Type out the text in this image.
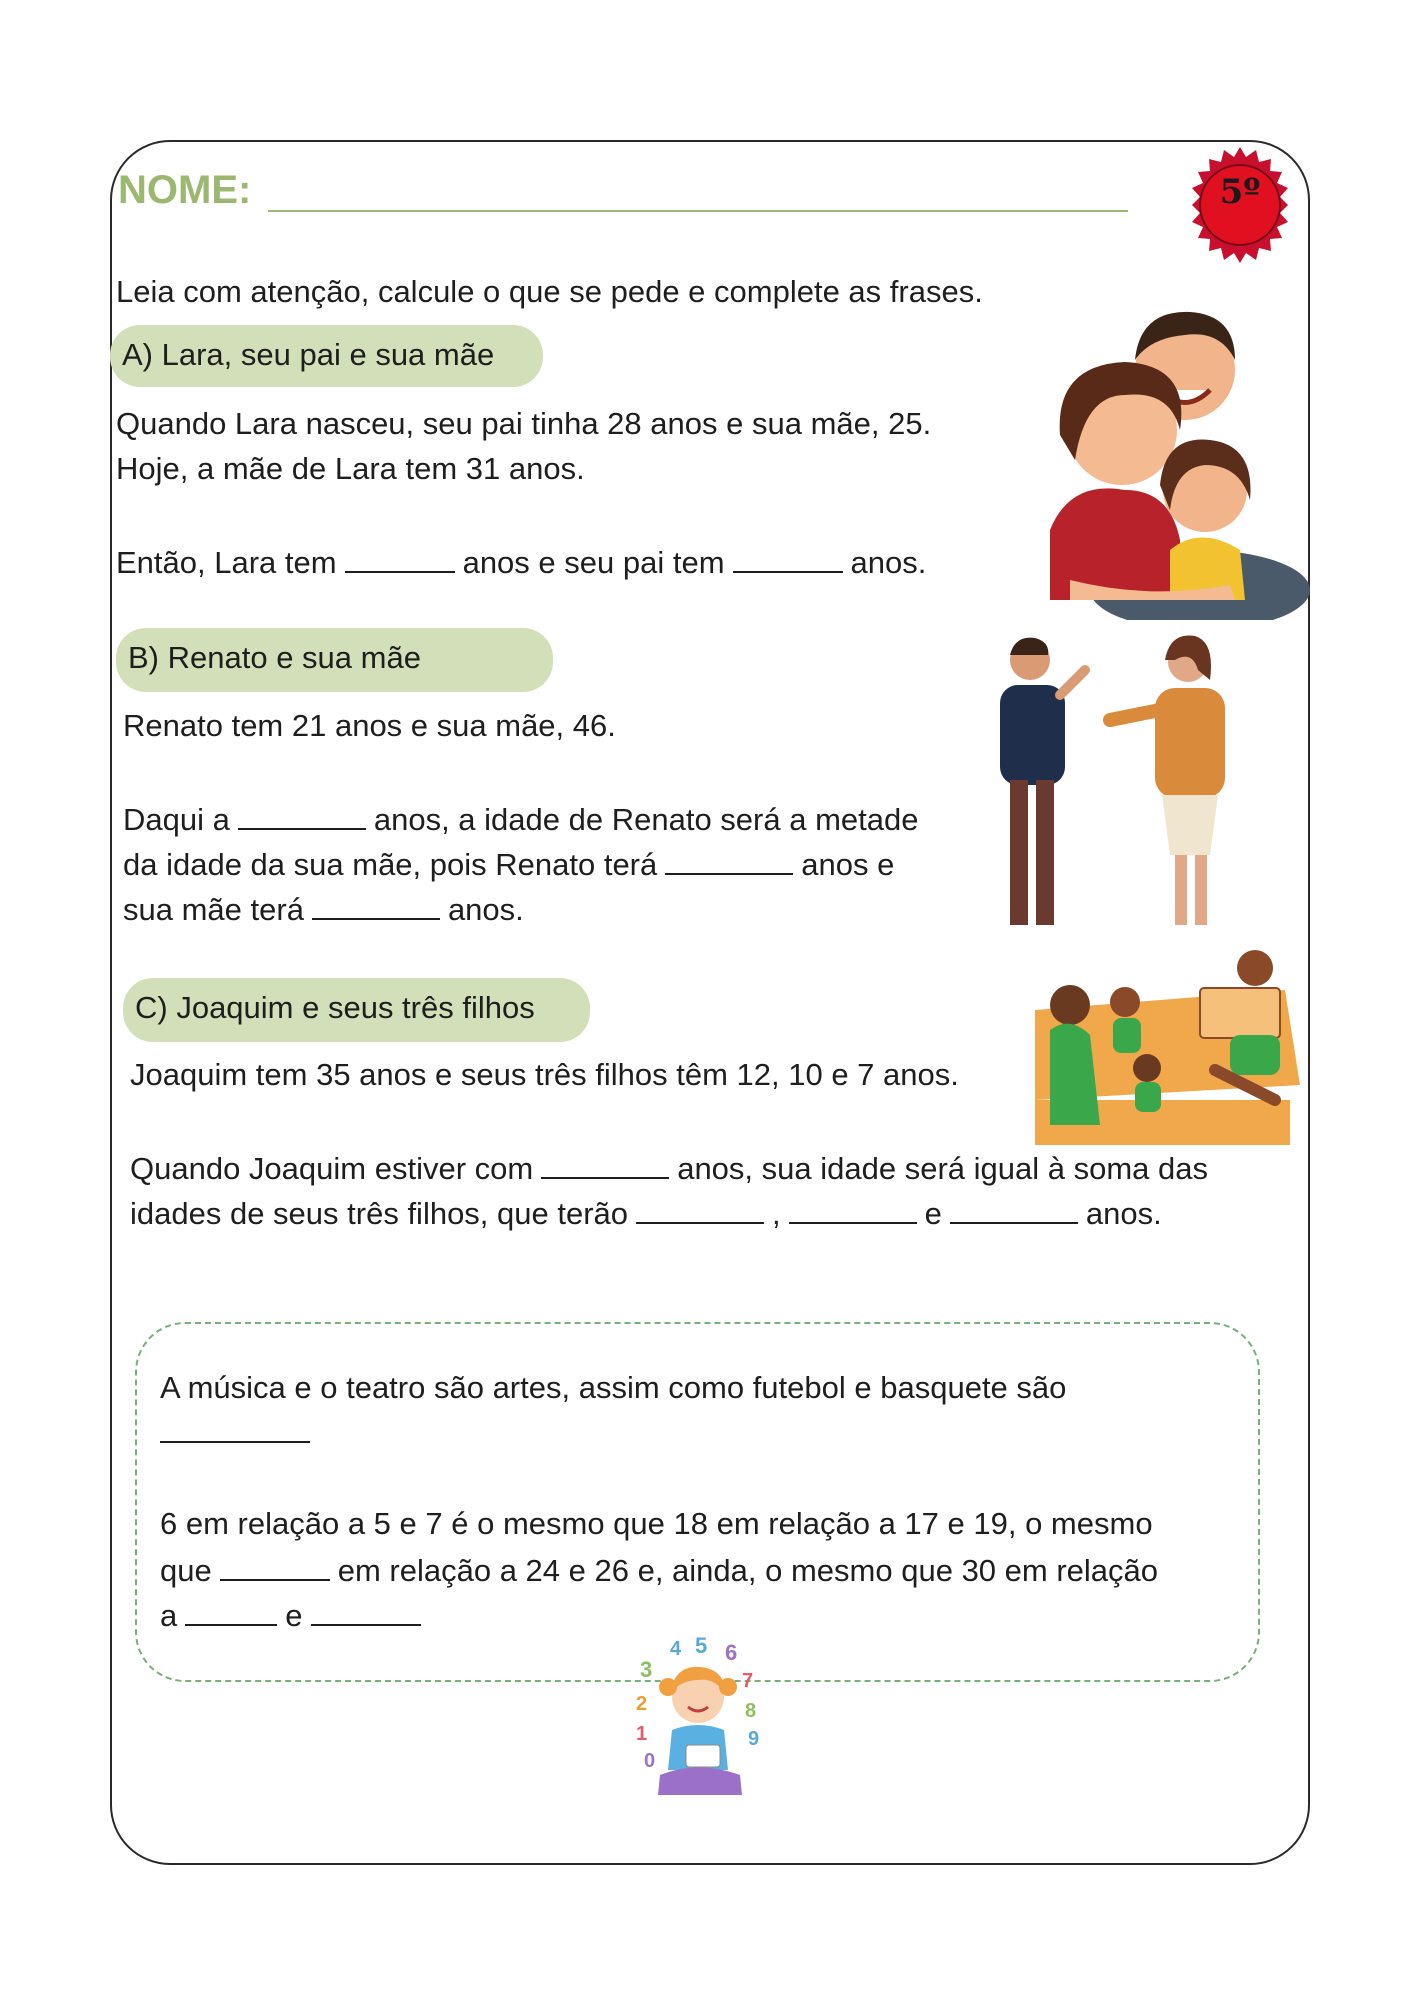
NOME:	5º
Leia com atenção, calcule o que se pede e complete as frases.
A) Lara, seu pai e sua mãe
Quando Lara nasceu, seu pai tinha 28 anos e sua mãe, 25.
Hoje, a mãe de Lara tem 31 anos.
Então, Lara tem	anos e seu pai tem	anos.
B) Renato e sua mãe
Renato tem 21 anos e sua mãe, 46.
Daqui a	anos, a idade de Renato será a metade
da idade da sua mãe, pois Renato terá	anos e
sua mãe terá	anos.
C) Joaquim e seus três filhos
Joaquim tem 35 anos e seus três filhos têm 12, 10 e 7 anos.
Quando Joaquim estiver com	anos, sua idade será igual à soma das
idades de seus três filhos, que terão	,	e	anos.
A música e o teatro são artes, assim como futebol e basquete são
6 em relação a 5 e 7 é o mesmo que 18 em relação a 17 e 19, o mesmo
que	em relação a 24 e 26 e, ainda, o mesmo que 30 em relação
a	e
3
4 5 6
7
8
9
2
1
0
